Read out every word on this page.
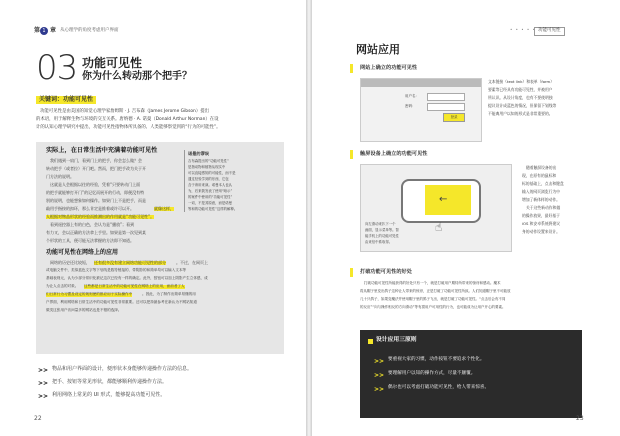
第 1 章 从心理学的角度考虑用户界面
03 功能可见性
你为什么转动那个把手？
关键词：功能可见性
功能可见性是由美国的知觉心理学家詹姆斯 · J. 吉布森（James Jerome Gibson）提出
的术语，用于解释生物与环境的交互关系。唐纳德 · A. 诺曼（Donald Arthur Norman）在设
计的认知心理学研究中提出，功能可见性指物体所具备的、人类能够察觉到的“行为的可能性”。
实际上，在日常生活中充满着功能可见性
我们遇到一扇门，看到门上的把手，你会怎么做？会
转动把手（或者拉）开门吧。然而，把门把手改为关于开
门方法的说明。
这就是人会根据以往的经验，凭着“只要转动门上面
的把手就能够打开门”的记忆而展开的行动，即便没有特
别的说明，也能想象如何操作。如果门上不是把手，而是
敲用手指按的扣环，那么肯定是推着或许可以开。	就像这样，
人根据对物品形状的经验而推测出的作用就是“功能可见性”。
看到遥控器上有的白色，会认为是“播放”；看到
有力又，会以正确的方法拿上手里。如果是第一次见到某
个形状的工具，便可能无法掌握的方法即不知道。
诺曼的谬误
吉布森提出的“功能可见性”
是指动物和植物从现实中
可以直接感知的可能性，而不是
通过经验学到的东西，它包
含于该用来演。诺曼本人也认
为，后来我发表了使用“暗示”
的案件中使用的“功能可见性”
一词，不是其原意，而是诺曼
等和的功能可见性”这样的解释。
功能可见性在网络上的应用
网络的历史还比较短， 还有很多没有建立网络功能可见性的部分	。不过，在网页上
或电脑文件中，类似蓝色文字等下划线是数符链接的、带阴影的和简单均可以输入文本等
基础表现元，认为少部分常识化被记这次已经有一样的确定。此外，按钮可以加上阴影产生立体感，成
为让人点击的对象。 这些都是日常生活中的功能可见性在网络上的应用，而前者了人
们日常行为习惯及设定的规则使的都应用于实际操作中	。因此，为了制作出简单易懂的用
户界面，利用网络和日常生活中的功能可见性非常重要。还可以把持最参考在新认为不网站知道
做类这张用户访问量多的网站也是不错的选择。
>> 物品和用户界面的设计，便形状本身能够传递操作方法的信息。
>> 把手、按钮等常见形状，都能够顺利传递操作方法。
>> 利用网络上常见的 UI 形式，能够提高功能可见性。
22
• • • • • 功能可见性
网站应用
网站上确立的功能可见性
用户名：
密码：
登录
文本链接（text link）和表单（form）
要素等已经具有功能可见性，并被用户
所认识。从设计角度，也有不要使明独
提议设计成蓝色的情况，但保留下划线等
不能离用户以知的形式是非常重要的。
触屏设备上确立的功能可见性
←
向左滑动来扒下一个
画面，显示菜单等。智
能手机上的功能可见性
由来信中系取得。
☝
随着触屏设备的出
现，在原有的鼠标和
标的基础上，点击和键盘
输入的网页浏览行为中
增加了新体样的动作。
关于这些新动作和做
的操作放果，最好基于
iOS 和安卓系统将建议
身的动作设置来设计。
打破功能可见性的好处
打破功能可见性所能获得的好处只有一个，就是打破用户期待所带来的惊讶和感动。魔术
将从帽子里变出鸽子这种让人带来的惊讶，正是打破了功能可见性所致。人们知道帽子里不可能放
几十只鸽子，如果变魔法并使用帽子里的鸽子飞出，就是打破了功能可见性。“点击后会有不同
的反应”“向与操作相反的方向滑动”等有损用户可用性的行为，也可能成为让用户开心的要素。
设计应用三原则
>> 要重视大家的习惯，动作按钮不要追求个性化。
>> 要理解用户以知的操作方式，尽量不颠覆。
>> 偶尔也可以考虑打破功能可见性，给人带来惊喜。
23
